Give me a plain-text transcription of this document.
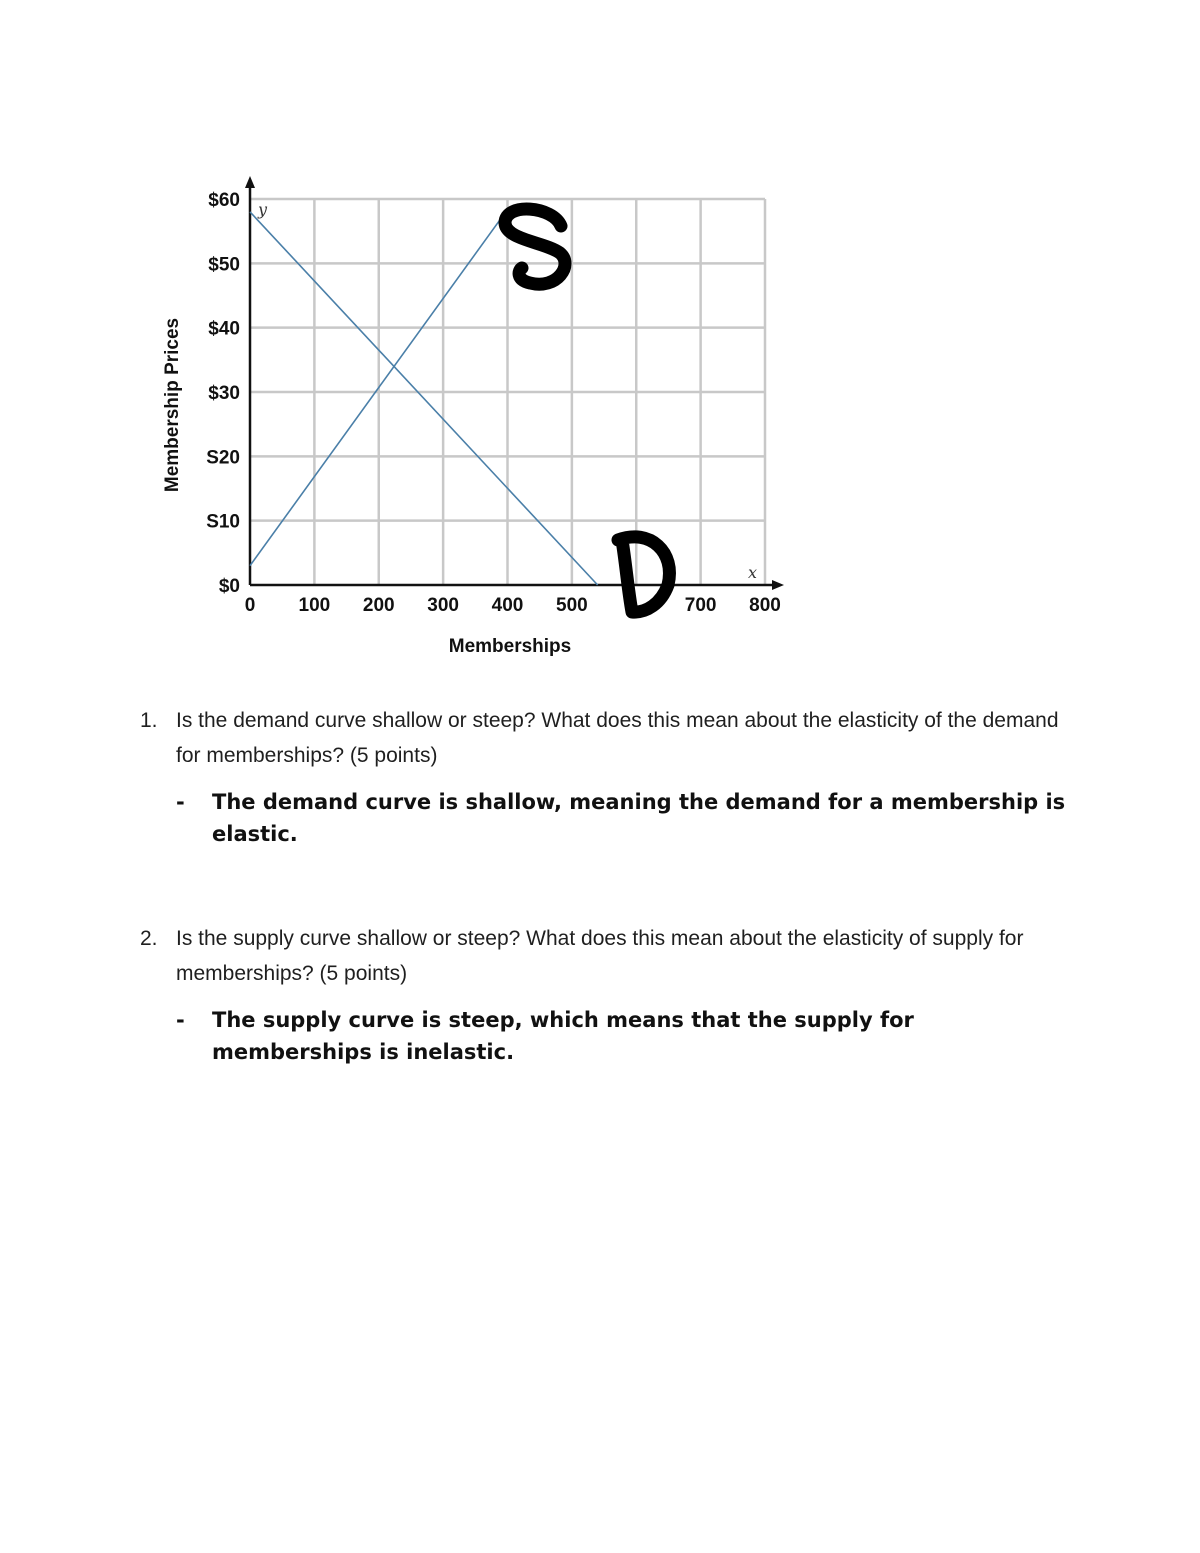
0 100 200 300 400 500	700 800
$0
S10
S20
$30
$40
$50
$60 y
x
Memberships
Membership Prices
1. Is the demand curve shallow or steep? What does this mean about the elasticity of the demand for memberships? (5 points)
- The demand curve is shallow, meaning the demand for a membership is elastic.
2. Is the supply curve shallow or steep? What does this mean about the elasticity of supply for memberships? (5 points)
- The supply curve is steep, which means that the supply for memberships is inelastic.
